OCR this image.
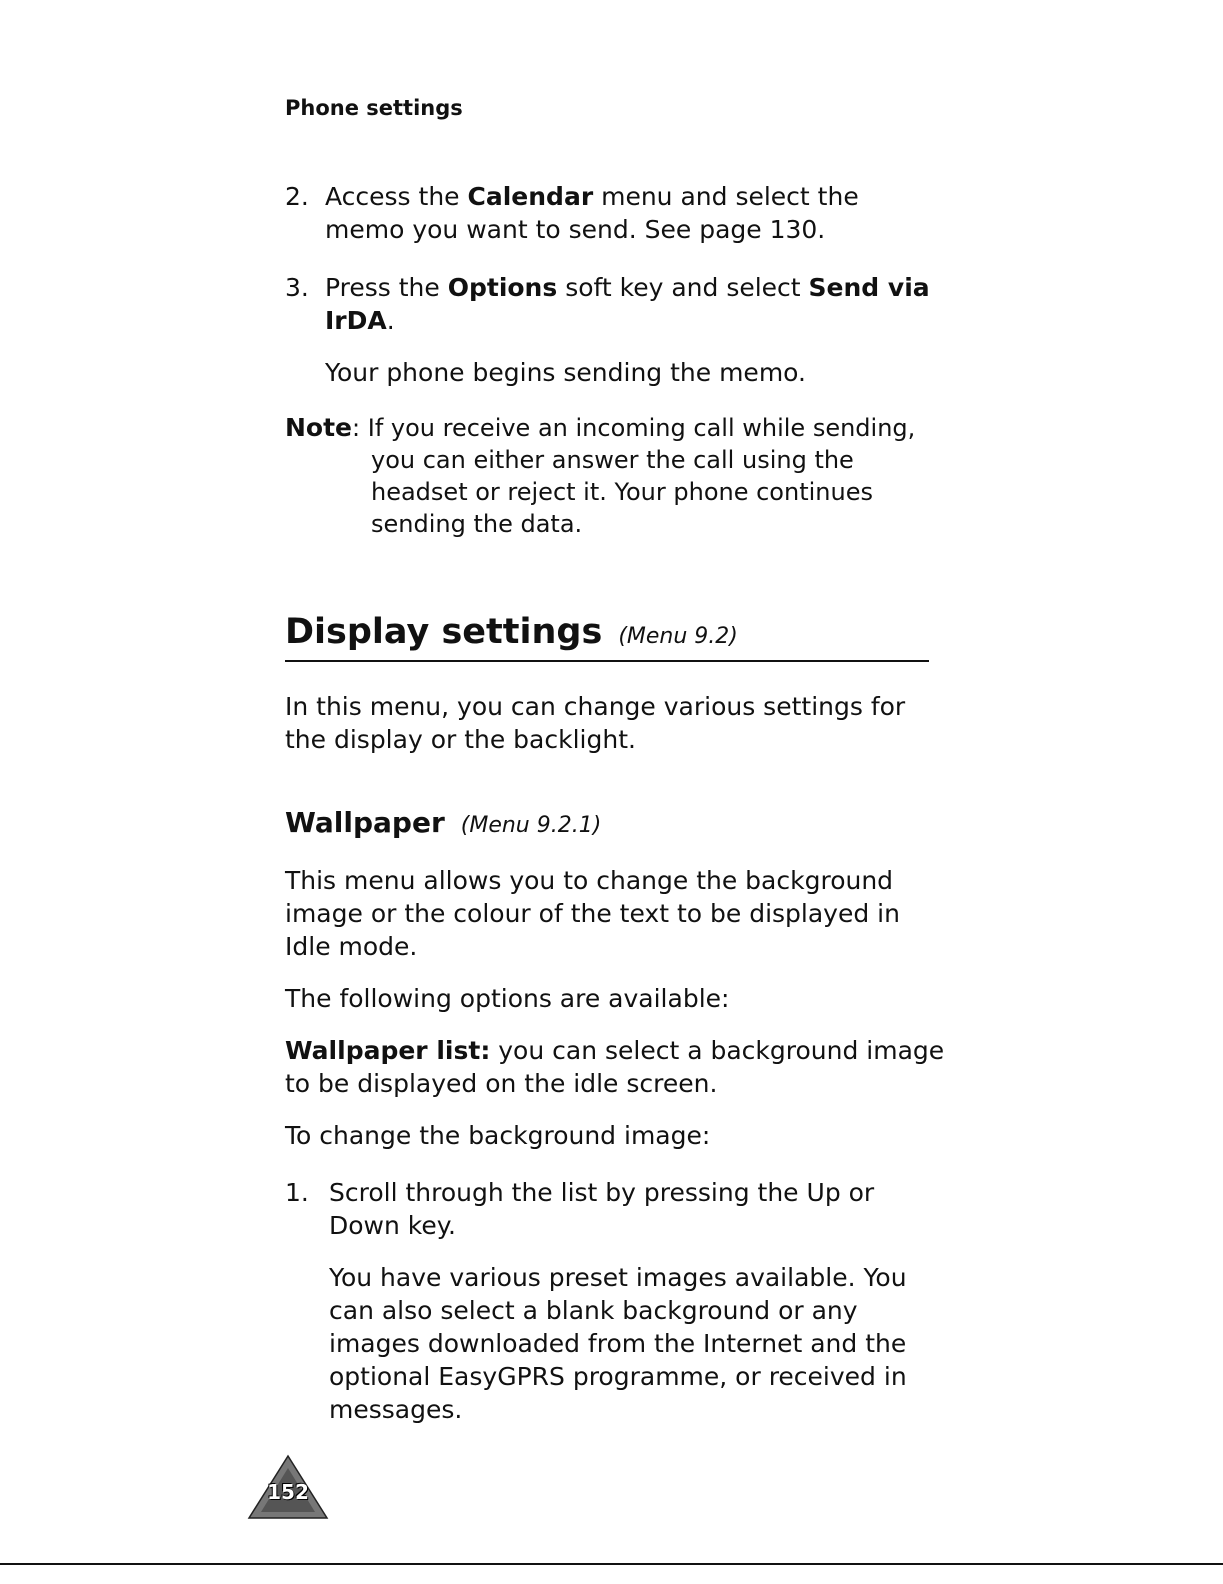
Phone settings
2. Access the Calendar menu and select the
memo you want to send. See page 130.
3. Press the Options soft key and select Send via
IrDA.
Your phone begins sending the memo.
Note: If you receive an incoming call while sending,
you can either answer the call using the
headset or reject it. Your phone continues
sending the data.
Display settings (Menu 9.2)
In this menu, you can change various settings for
the display or the backlight.
Wallpaper (Menu 9.2.1)
This menu allows you to change the background
image or the colour of the text to be displayed in
Idle mode.
The following options are available:
Wallpaper list: you can select a background image
to be displayed on the idle screen.
To change the background image:
1. Scroll through the list by pressing the Up or
Down key.
You have various preset images available. You
can also select a blank background or any
images downloaded from the Internet and the
optional EasyGPRS programme, or received in
messages.
152
